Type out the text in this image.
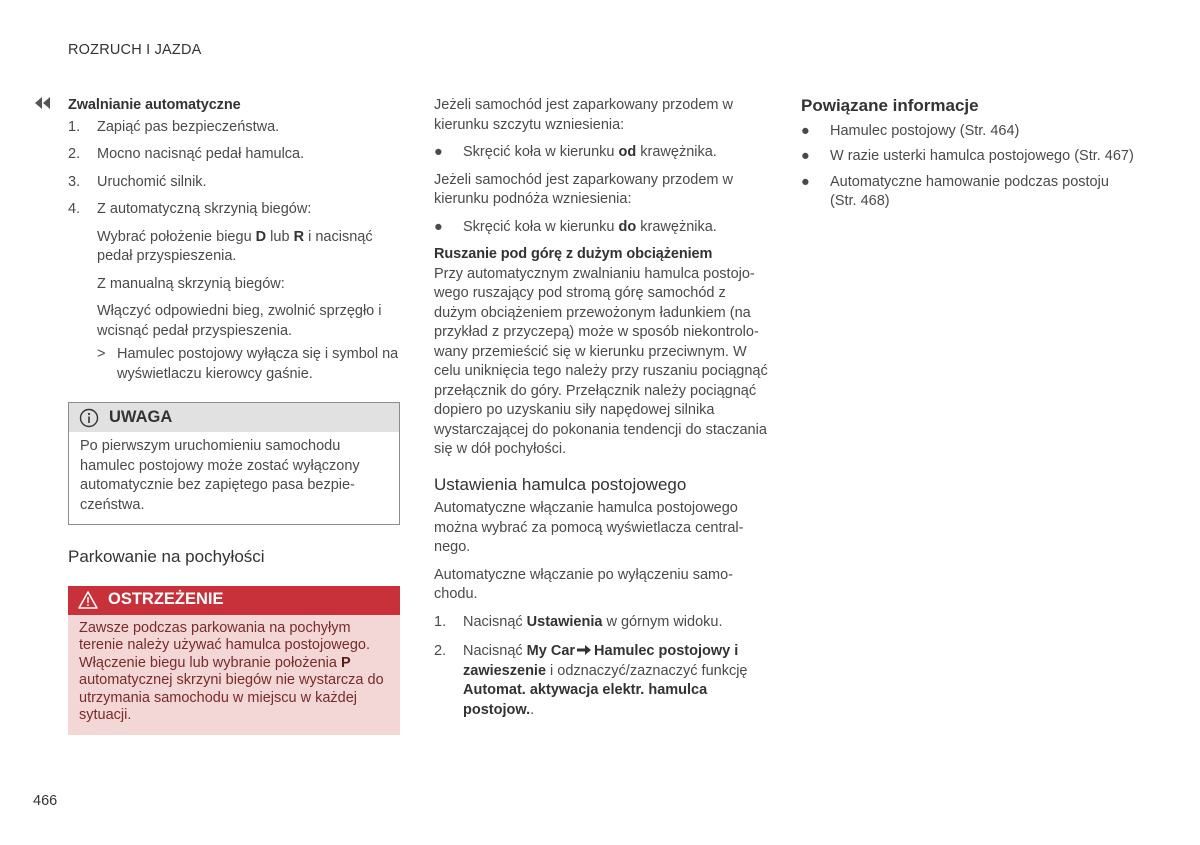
ROZRUCH I JAZDA
Zwalnianie automatyczne
1.	Zapiąć pas bezpieczeństwa.
2.	Mocno nacisnąć pedał hamulca.
3.	Uruchomić silnik.
4.	Z automatyczną skrzynią biegów:
Wybrać położenie biegu D lub R i nacisnąć pedał przyspieszenia.
Z manualną skrzynią biegów:
Włączyć odpowiedni bieg, zwolnić sprzęgło i wcisnąć pedał przyspieszenia.
> Hamulec postojowy wyłącza się i symbol na wyświetlaczu kierowcy gaśnie.
UWAGA
Po pierwszym uruchomieniu samochodu hamulec postojowy może zostać wyłączony automatycznie bez zapiętego pasa bezpieczeństwa.
Parkowanie na pochyłości
OSTRZEŻENIE
Zawsze podczas parkowania na pochyłym terenie należy używać hamulca postojowego. Włączenie biegu lub wybranie położenia P automatycznej skrzyni biegów nie wystarcza do utrzymania samochodu w miejscu w każdej sytuacji.

Jeżeli samochód jest zaparkowany przodem w kierunku szczytu wzniesienia:

●	Skręcić koła w kierunku od krawężnika.

Jeżeli samochód jest zaparkowany przodem w kierunku podnóża wzniesienia:

●	Skręcić koła w kierunku do krawężnika.
Ruszanie pod górę z dużym obciążeniem

Przy automatycznym zwalnianiu hamulca postojowego ruszający pod stromą górę samochód z dużym obciążeniem przewożonym ładunkiem (na przykład z przyczepą) może w sposób niekontrolowany przemieścić się w kierunku przeciwnym. W celu uniknięcia tego należy przy ruszaniu pociągnąć przełącznik do góry. Przełącznik należy pociągnąć dopiero po uzyskaniu siły napędowej silnika wystarczającej do pokonania tendencji do staczania się w dół pochyłości.

Ustawienia hamulca postojowego

Automatyczne włączanie hamulca postojowego można wybrać za pomocą wyświetlacza centralnego.

Automatyczne włączanie po wyłączeniu samochodu.

1.	Nacisnąć Ustawienia w górnym widoku.
2.	Nacisnąć My Car Hamulec postojowy i zawieszenie i odznaczyć/zaznaczyć funkcję Automat. aktywacja elektr. hamulca postojow..
Powiązane informacje
●	Hamulec postojowy (Str. 464)
●	W razie usterki hamulca postojowego (Str. 467)
●	Automatyczne hamowanie podczas postoju (Str. 468)
466
